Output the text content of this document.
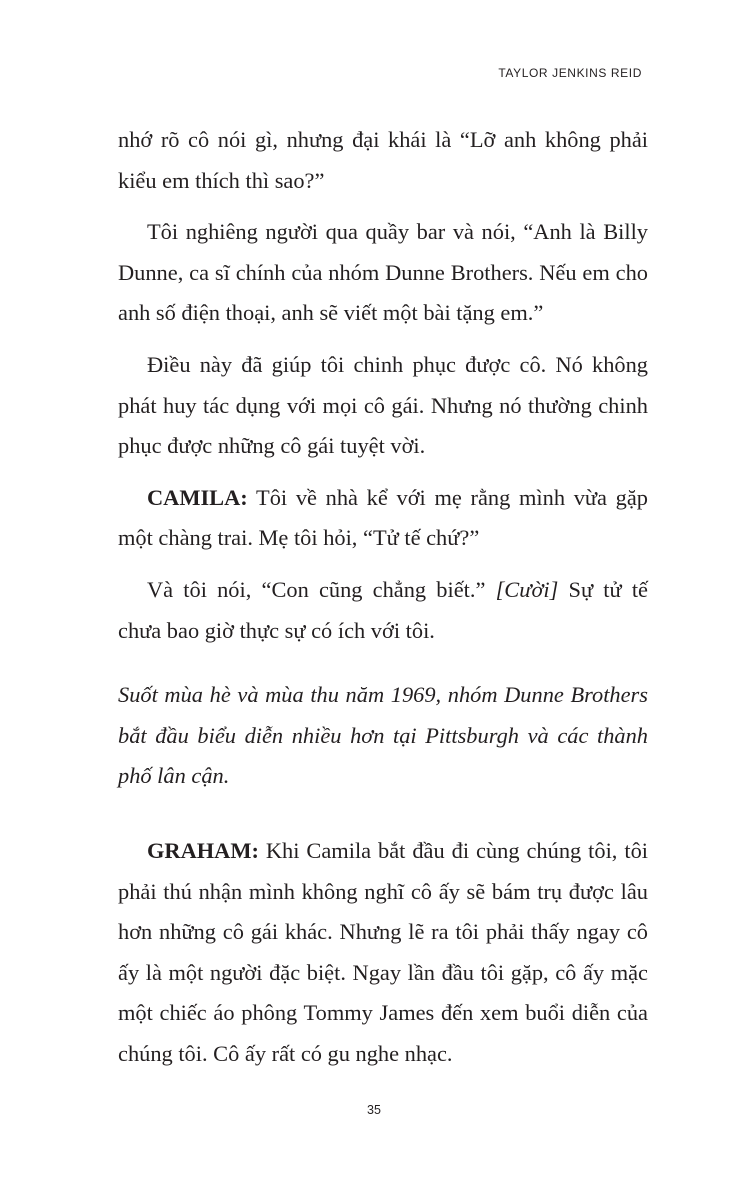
TAYLOR JENKINS REID

nhớ rõ cô nói gì, nhưng đại khái là “Lỡ anh không phải kiểu em thích thì sao?”

Tôi nghiêng người qua quầy bar và nói, “Anh là Billy Dunne, ca sĩ chính của nhóm Dunne Brothers. Nếu em cho anh số điện thoại, anh sẽ viết một bài tặng em.”

Điều này đã giúp tôi chinh phục được cô. Nó không phát huy tác dụng với mọi cô gái. Nhưng nó thường chinh phục được những cô gái tuyệt vời.

CAMILA: Tôi về nhà kể với mẹ rằng mình vừa gặp một chàng trai. Mẹ tôi hỏi, “Tử tế chứ?”

Và tôi nói, “Con cũng chẳng biết.” [Cười] Sự tử tế chưa bao giờ thực sự có ích với tôi.

Suốt mùa hè và mùa thu năm 1969, nhóm Dunne Brothers bắt đầu biểu diễn nhiều hơn tại Pittsburgh và các thành phố lân cận.

GRAHAM: Khi Camila bắt đầu đi cùng chúng tôi, tôi phải thú nhận mình không nghĩ cô ấy sẽ bám trụ được lâu hơn những cô gái khác. Nhưng lẽ ra tôi phải thấy ngay cô ấy là một người đặc biệt. Ngay lần đầu tôi gặp, cô ấy mặc một chiếc áo phông Tommy James đến xem buổi diễn của chúng tôi. Cô ấy rất có gu nghe nhạc.

35
